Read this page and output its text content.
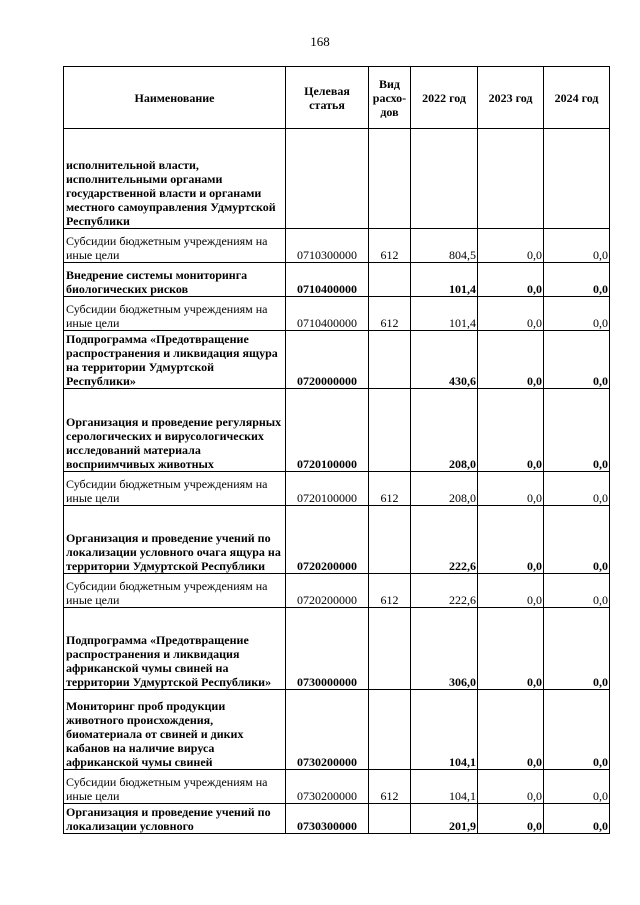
168
Наименование	Целевая статья	Вид расхо-дов	2022 год	2023 год	2024 год
исполнительной власти, исполнительными органами государственной власти и органами местного самоуправления Удмуртской Республики					
Субсидии бюджетным учреждениям на иные цели	0710300000	612	804,5	0,0	0,0
Внедрение системы мониторинга биологических рисков	0710400000		101,4	0,0	0,0
Субсидии бюджетным учреждениям на иные цели	0710400000	612	101,4	0,0	0,0
Подпрограмма «Предотвращение распространения и ликвидация ящура на территории Удмуртской Республики»	0720000000		430,6	0,0	0,0
Организация и проведение регулярных серологических и вирусологических исследований материала восприимчивых животных	0720100000		208,0	0,0	0,0
Субсидии бюджетным учреждениям на иные цели	0720100000	612	208,0	0,0	0,0
Организация и проведение учений по локализации условного очага ящура на территории Удмуртской Республики	0720200000		222,6	0,0	0,0
Субсидии бюджетным учреждениям на иные цели	0720200000	612	222,6	0,0	0,0
Подпрограмма «Предотвращение распространения и ликвидация африканской чумы свиней на территории Удмуртской Республики»	0730000000		306,0	0,0	0,0
Мониторинг проб продукции животного происхождения, биоматериала от свиней и диких кабанов на наличие вируса африканской чумы свиней	0730200000		104,1	0,0	0,0
Субсидии бюджетным учреждениям на иные цели	0730200000	612	104,1	0,0	0,0
Организация и проведение учений по локализации условного	0730300000		201,9	0,0	0,0
